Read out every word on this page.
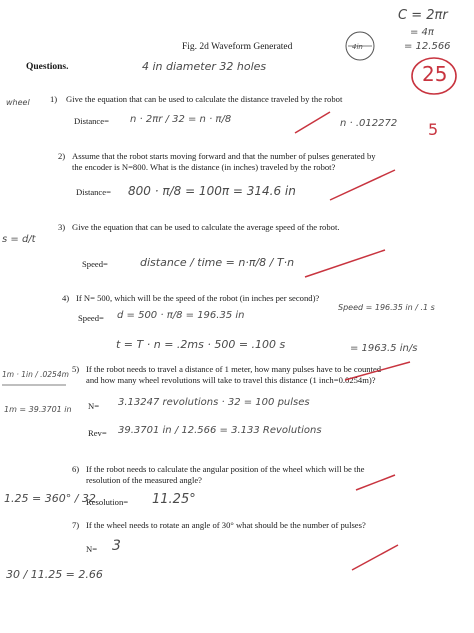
Fig. 2d Waveform Generated
Questions.
1) Give the equation that can be used to calculate the distance traveled by the robot
Distance=
2) Assume that the robot starts moving forward and that the number of pulses generated by
the encoder is N=800. What is the distance (in inches) traveled by the robot?
Distance=
3) Give the equation that can be used to calculate the average speed of the robot.
Speed=
4) If N= 500, which will be the speed of the robot (in inches per second)?
Speed=
5) If the robot needs to travel a distance of 1 meter, how many pulses have to be counted
and how many wheel revolutions will take to travel this distance (1 inch=0.0254m)?
N=
Rev=
6) If the robot needs to calculate the angular position of the wheel which will be the
resolution of the measured angle?
Resolution=
7) If the wheel needs to rotate an angle of 30° what should be the number of pulses?
N=
C = 2πr
= 4π
= 12.566
4in
4 in diameter 32 holes
wheel
n · 2πr / 32 = n · π/8	n · .012272
800 · π/8 = 100π = 314.6 in
s = d/t
distance / time = n·π/8 / T·n
d = 500 · π/8 = 196.35 in
Speed = 196.35 in / .1 s
t = T · n = .2ms · 500 = .100 s	= 1963.5 in/s
1m · 1in / .0254m
1m = 39.3701 in
3.13247 revolutions · 32 = 100 pulses
39.3701 in / 12.566 = 3.133 Revolutions
1.25 = 360° / 32	11.25°
3
30 / 11.25 = 2.66
25
5
